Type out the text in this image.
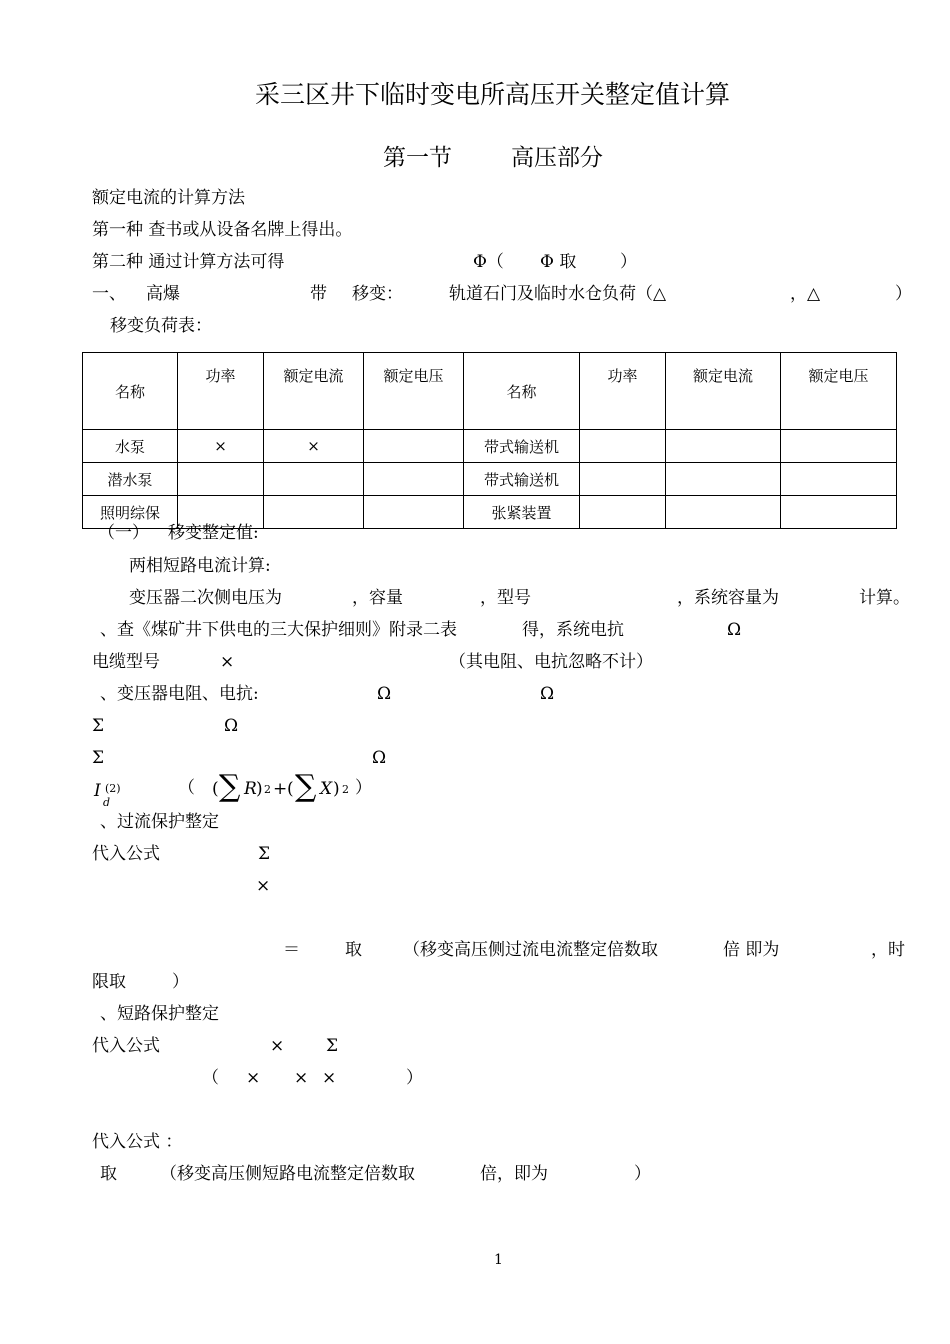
采三区井下临时变电所高压开关整定值计算
第一节	高压部分
额定电流的计算方法
第一种 查书或从设备名牌上得出。
第二种 通过计算方法可得	Φ（ Φ 取	）
一、 高爆	带 移变：	轨道石门及临时水仓负荷（△	，△	）
移变负荷表：
名称	功率	额定电流	额定电压	名称	功率	额定电流	额定电压
水泵	×	×		带式输送机			
潜水泵				带式输送机			
照明综保				张紧装置			
（一） 移变整定值:
两相短路电流计算:
变压器二次侧电压为	，容量	，型号	，系统容量为	计算。
、查《煤矿井下供电的三大保护细则》附录二表	得，系统电抗	Ω
电缆型号	×	（其电阻、电抗忽略不计）
、变压器电阻、电抗:	Ω	Ω
Σ	Ω
Σ	Ω
I (2)
d
（ ( ∑ R ) 2 + ( ∑ X ) 2 ）
、过流保护整定
代入公式	Σ
×
＝	取 （移变高压侧过流电流整定倍数取	倍 即为	，时
限取	）
、短路保护整定
代入公式	× Σ
（ × × ×	）
代入公式 ：
取	（移变高压侧短路电流整定倍数取	倍，即为	）
1
